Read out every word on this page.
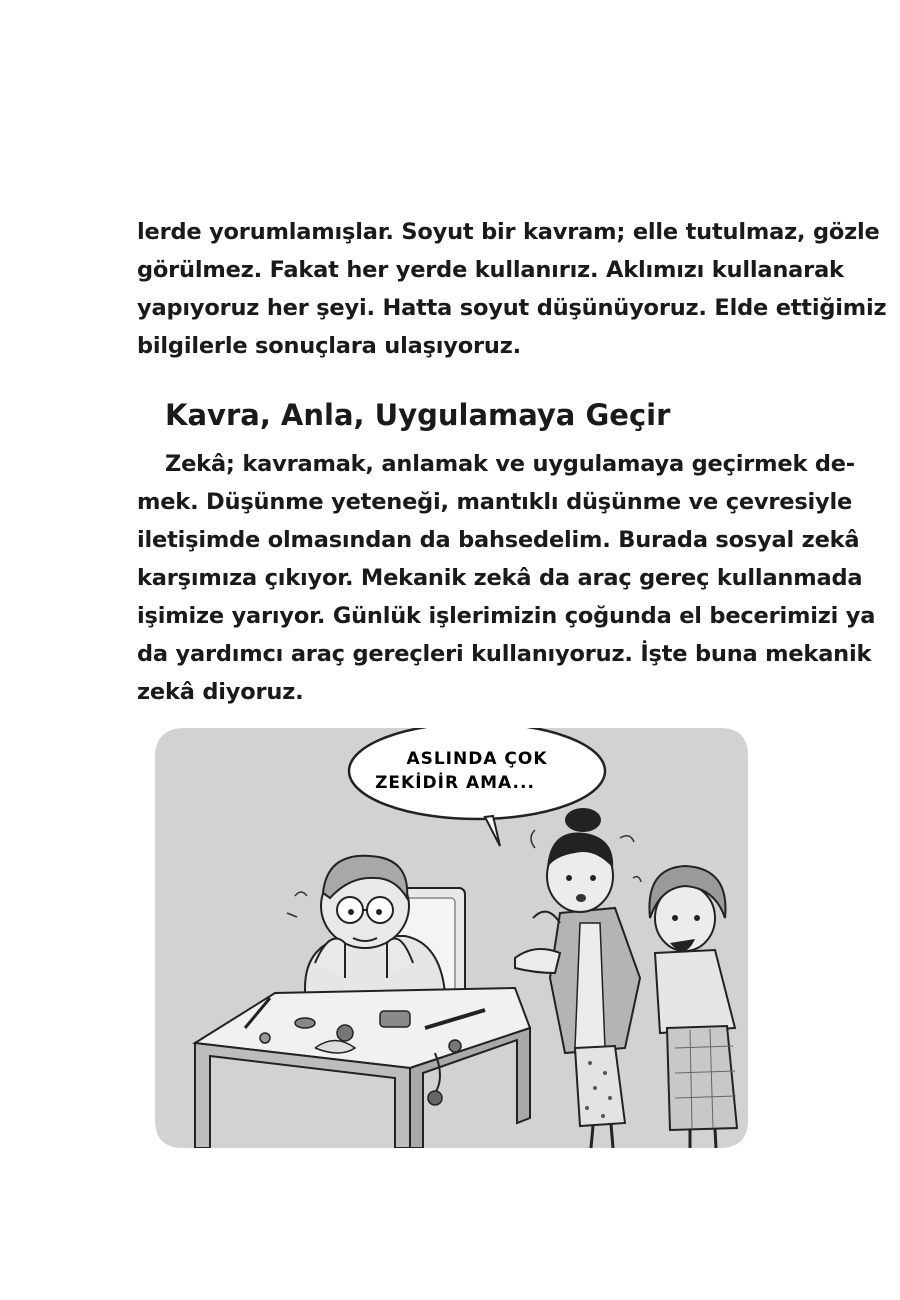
lerde yorumlamışlar. Soyut bir kavram; elle tutulmaz, gözle
görülmez. Fakat her yerde kullanırız. Aklımızı kullanarak
yapıyoruz her şeyi. Hatta soyut düşünüyoruz. Elde ettiğimiz
bilgilerle sonuçlara ulaşıyoruz.
Kavra, Anla, Uygulamaya Geçir
Zekâ; kavramak, anlamak ve uygulamaya geçirmek de-
mek. Düşünme yeteneği, mantıklı düşünme ve çevresiyle
iletişimde olmasından da bahsedelim. Burada sosyal zekâ
karşımıza çıkıyor. Mekanik zekâ da araç gereç kullanmada
işimize yarıyor. Günlük işlerimizin çoğunda el becerimizi ya
da yardımcı araç gereçleri kullanıyoruz. İşte buna mekanik
zekâ diyoruz.
ASLINDA ÇOK
ZEKİDİR AMA...
